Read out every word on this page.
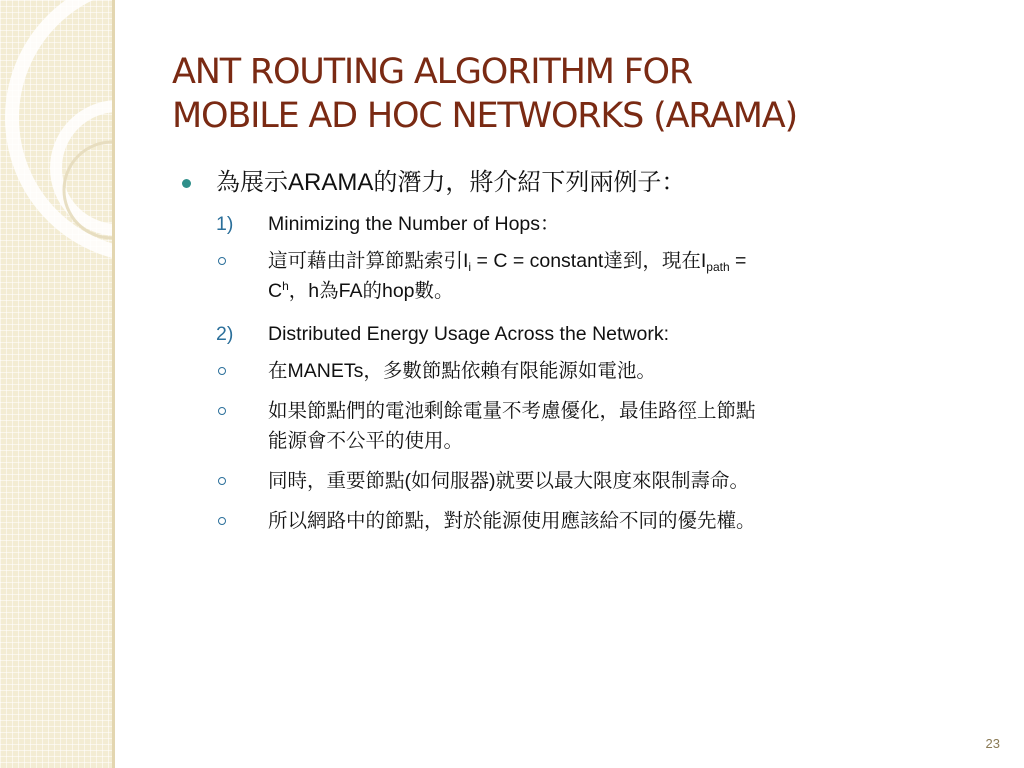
ANT ROUTING ALGORITHM FOR
MOBILE AD HOC NETWORKS (ARAMA)
為展示ARAMA的潛力，將介紹下列兩例子：
1) Minimizing the Number of Hops：
這可藉由計算節點索引$I_i = C$ = constant達到，現在$I_{path}$ =
$C^h$，h為FA的hop數。
2) Distributed Energy Usage Across the Network:
在MANETs，多數節點依賴有限能源如電池。
如果節點們的電池剩餘電量不考慮優化，最佳路徑上節點
能源會不公平的使用。
同時，重要節點(如伺服器)就要以最大限度來限制壽命。
所以網路中的節點，對於能源使用應該給不同的優先權。
23
